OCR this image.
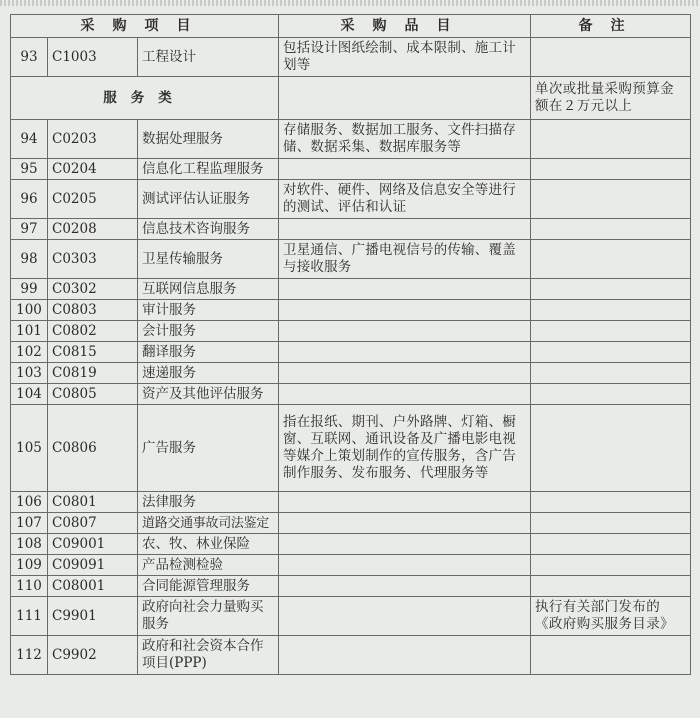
采购项目			采购品目	备注
93	C1003	工程设计	包括设计图纸绘制、成本限制、施工计划等	
服务类				单次或批量采购预算金额在２万元以上
94	C0203	数据处理服务	存储服务、数据加工服务、文件扫描存储、数据采集、数据库服务等	
95	C0204	信息化工程监理服务		
96	C0205	测试评估认证服务	对软件、硬件、网络及信息安全等进行的测试、评估和认证	
97	C0208	信息技术咨询服务		
98	C0303	卫星传输服务	卫星通信、广播电视信号的传输、覆盖与接收服务	
99	C0302	互联网信息服务		
100	C0803	审计服务		
101	C0802	会计服务		
102	C0815	翻译服务		
103	C0819	速递服务		
104	C0805	资产及其他评估服务		
105	C0806	广告服务	指在报纸、期刊、户外路牌、灯箱、橱窗、互联网、通讯设备及广播电影电视等媒介上策划制作的宣传服务，含广告制作服务、发布服务、代理服务等	
106	C0801	法律服务		
107	C0807	道路交通事故司法鉴定		
108	C09001	农、牧、林业保险		
109	C09091	产品检测检验		
110	C08001	合同能源管理服务		
111	C9901	政府向社会力量购买服务		执行有关部门发布的《政府购买服务目录》
112	C9902	政府和社会资本合作项目(PPP)		
